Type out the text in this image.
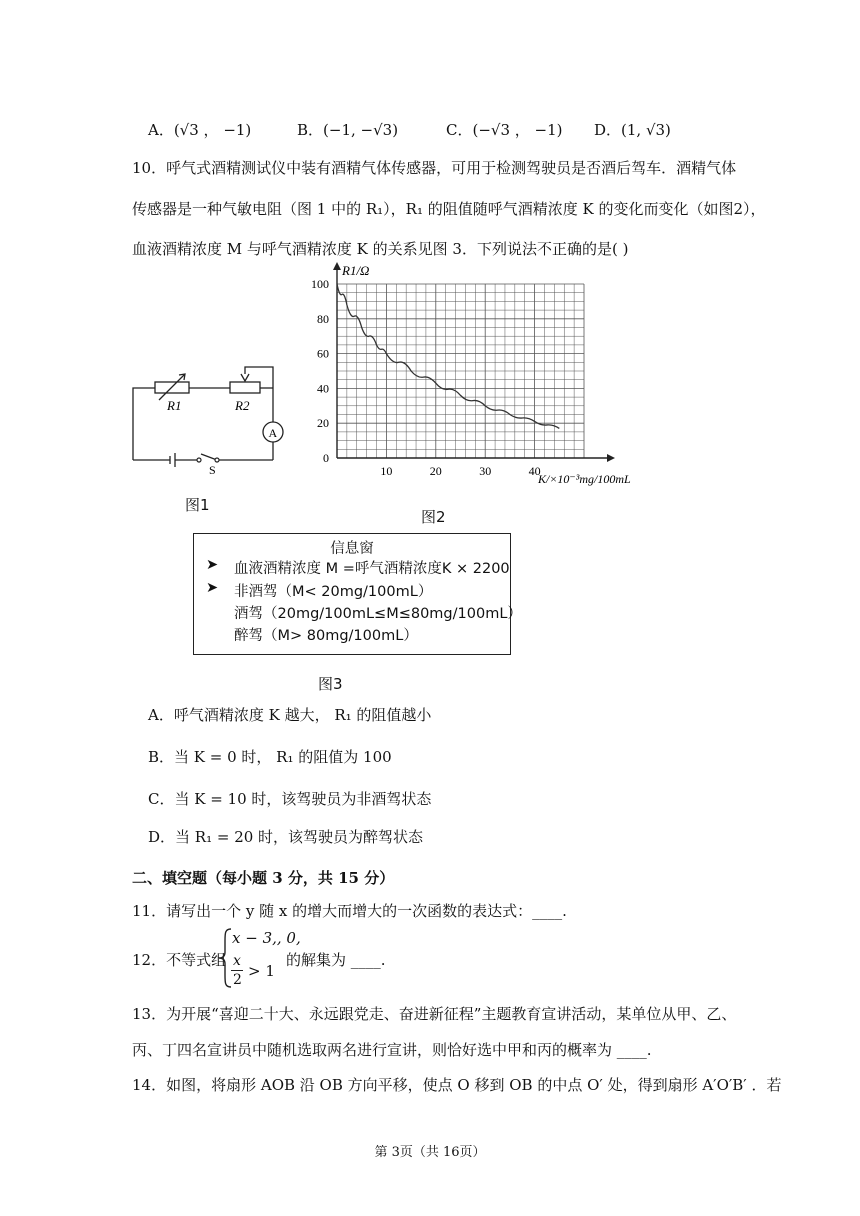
A．(√3 ， −1)	B．(−1, −√3)	C．(−√3 ， −1) D．(1, √3)
10．呼气式酒精测试仪中装有酒精气体传感器，可用于检测驾驶员是否酒后驾车．酒精气体
传感器是一种气敏电阻（图 1 中的 R₁），R₁ 的阻值随呼气酒精浓度 K 的变化而变化（如图2），
血液酒精浓度 M 与呼气酒精浓度 K 的关系见图 3．下列说法不正确的是( )
R1	R2
A
S
图1
100
80
60
40
20
0
10	20	30	40
R1/Ω
K/×10⁻³mg/100mL
图2
信息窗
➤ 血液酒精浓度 M =呼气酒精浓度K × 2200
➤ 非酒驾（M< 20mg/100mL）
酒驾（20mg/100mL≤M≤80mg/100mL）
醉驾（M> 80mg/100mL）
图3
A．呼气酒精浓度 K 越大， R₁ 的阻值越小
B．当 K = 0 时， R₁ 的阻值为 100
C．当 K = 10 时，该驾驶员为非酒驾状态
D．当 R₁ = 20 时，该驾驶员为醉驾状态
二、填空题（每小题 3 分，共 15 分）
11．请写出一个 y 随 x 的增大而增大的一次函数的表达式：____.
12．不等式组
x − 3,, 0,
x
2 > 1
的解集为 ____.
13．为开展“喜迎二十大、永远跟党走、奋进新征程”主题教育宣讲活动，某单位从甲、乙、
丙、丁四名宣讲员中随机选取两名进行宣讲，则恰好选中甲和丙的概率为 ____.
14．如图，将扇形 AOB 沿 OB 方向平移，使点 O 移到 OB 的中点 O′ 处，得到扇形 A′O′B′ ．若
第 3页（共 16页）
